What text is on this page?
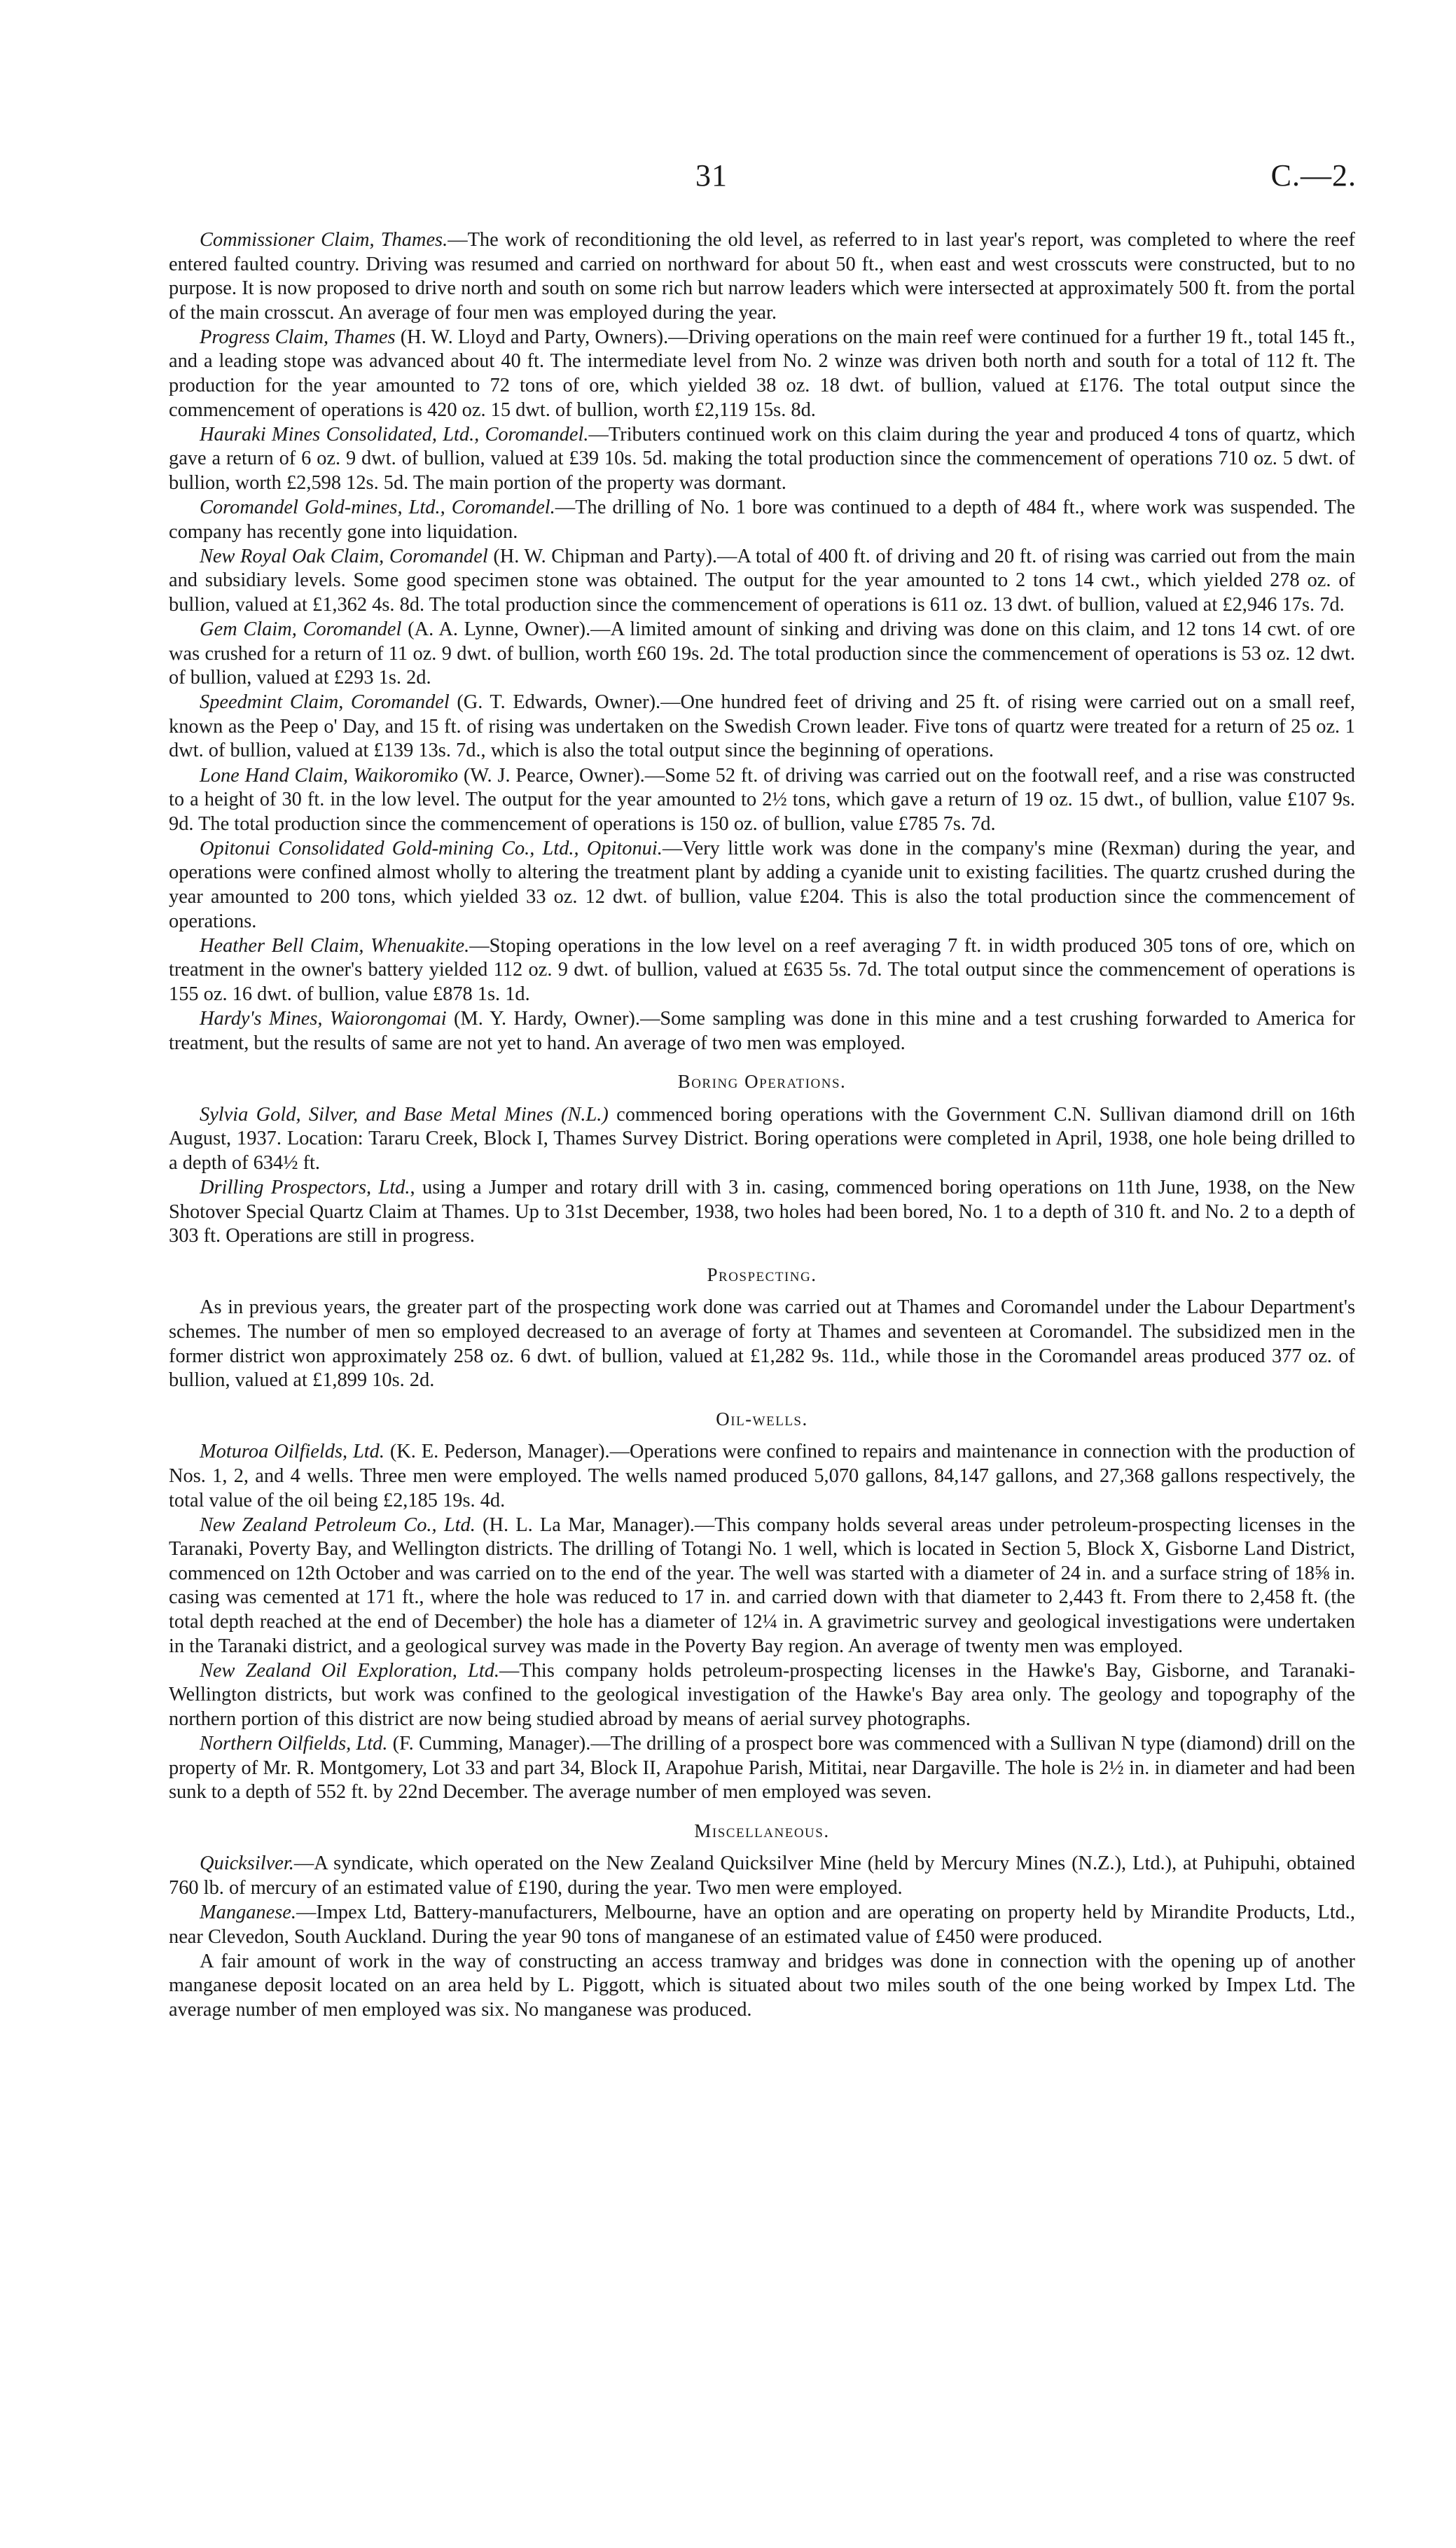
31	C.—2.

Commissioner Claim, Thames.—The work of reconditioning the old level, as referred to in last year's report, was completed to where the reef entered faulted country. Driving was resumed and carried on northward for about 50 ft., when east and west crosscuts were constructed, but to no purpose. It is now proposed to drive north and south on some rich but narrow leaders which were intersected at approximately 500 ft. from the portal of the main crosscut. An average of four men was employed during the year.

Progress Claim, Thames (H. W. Lloyd and Party, Owners).—Driving operations on the main reef were continued for a further 19 ft., total 145 ft., and a leading stope was advanced about 40 ft. The intermediate level from No. 2 winze was driven both north and south for a total of 112 ft. The production for the year amounted to 72 tons of ore, which yielded 38 oz. 18 dwt. of bullion, valued at £176. The total output since the commencement of operations is 420 oz. 15 dwt. of bullion, worth £2,119 15s. 8d.

Hauraki Mines Consolidated, Ltd., Coromandel.—Tributers continued work on this claim during the year and produced 4 tons of quartz, which gave a return of 6 oz. 9 dwt. of bullion, valued at £39 10s. 5d. making the total production since the commencement of operations 710 oz. 5 dwt. of bullion, worth £2,598 12s. 5d. The main portion of the property was dormant.

Coromandel Gold-mines, Ltd., Coromandel.—The drilling of No. 1 bore was continued to a depth of 484 ft., where work was suspended. The company has recently gone into liquidation.

New Royal Oak Claim, Coromandel (H. W. Chipman and Party).—A total of 400 ft. of driving and 20 ft. of rising was carried out from the main and subsidiary levels. Some good specimen stone was obtained. The output for the year amounted to 2 tons 14 cwt., which yielded 278 oz. of bullion, valued at £1,362 4s. 8d. The total production since the commencement of operations is 611 oz. 13 dwt. of bullion, valued at £2,946 17s. 7d.

Gem Claim, Coromandel (A. A. Lynne, Owner).—A limited amount of sinking and driving was done on this claim, and 12 tons 14 cwt. of ore was crushed for a return of 11 oz. 9 dwt. of bullion, worth £60 19s. 2d. The total production since the commencement of operations is 53 oz. 12 dwt. of bullion, valued at £293 1s. 2d.

Speedmint Claim, Coromandel (G. T. Edwards, Owner).—One hundred feet of driving and 25 ft. of rising were carried out on a small reef, known as the Peep o' Day, and 15 ft. of rising was undertaken on the Swedish Crown leader. Five tons of quartz were treated for a return of 25 oz. 1 dwt. of bullion, valued at £139 13s. 7d., which is also the total output since the beginning of operations.

Lone Hand Claim, Waikoromiko (W. J. Pearce, Owner).—Some 52 ft. of driving was carried out on the footwall reef, and a rise was constructed to a height of 30 ft. in the low level. The output for the year amounted to 2½ tons, which gave a return of 19 oz. 15 dwt., of bullion, value £107 9s. 9d. The total production since the commencement of operations is 150 oz. of bullion, value £785 7s. 7d.

Opitonui Consolidated Gold-mining Co., Ltd., Opitonui.—Very little work was done in the company's mine (Rexman) during the year, and operations were confined almost wholly to altering the treatment plant by adding a cyanide unit to existing facilities. The quartz crushed during the year amounted to 200 tons, which yielded 33 oz. 12 dwt. of bullion, value £204. This is also the total production since the commencement of operations.

Heather Bell Claim, Whenuakite.—Stoping operations in the low level on a reef averaging 7 ft. in width produced 305 tons of ore, which on treatment in the owner's battery yielded 112 oz. 9 dwt. of bullion, valued at £635 5s. 7d. The total output since the commencement of operations is 155 oz. 16 dwt. of bullion, value £878 1s. 1d.

Hardy's Mines, Waiorongomai (M. Y. Hardy, Owner).—Some sampling was done in this mine and a test crushing forwarded to America for treatment, but the results of same are not yet to hand. An average of two men was employed.

Boring Operations.

Sylvia Gold, Silver, and Base Metal Mines (N.L.) commenced boring operations with the Government C.N. Sullivan diamond drill on 16th August, 1937. Location: Tararu Creek, Block I, Thames Survey District. Boring operations were completed in April, 1938, one hole being drilled to a depth of 634½ ft.

Drilling Prospectors, Ltd., using a Jumper and rotary drill with 3 in. casing, commenced boring operations on 11th June, 1938, on the New Shotover Special Quartz Claim at Thames. Up to 31st December, 1938, two holes had been bored, No. 1 to a depth of 310 ft. and No. 2 to a depth of 303 ft. Operations are still in progress.

Prospecting.

As in previous years, the greater part of the prospecting work done was carried out at Thames and Coromandel under the Labour Department's schemes. The number of men so employed decreased to an average of forty at Thames and seventeen at Coromandel. The subsidized men in the former district won approximately 258 oz. 6 dwt. of bullion, valued at £1,282 9s. 11d., while those in the Coromandel areas produced 377 oz. of bullion, valued at £1,899 10s. 2d.

Oil-wells.

Moturoa Oilfields, Ltd. (K. E. Pederson, Manager).—Operations were confined to repairs and maintenance in connection with the production of Nos. 1, 2, and 4 wells. Three men were employed. The wells named produced 5,070 gallons, 84,147 gallons, and 27,368 gallons respectively, the total value of the oil being £2,185 19s. 4d.

New Zealand Petroleum Co., Ltd. (H. L. La Mar, Manager).—This company holds several areas under petroleum-prospecting licenses in the Taranaki, Poverty Bay, and Wellington districts. The drilling of Totangi No. 1 well, which is located in Section 5, Block X, Gisborne Land District, commenced on 12th October and was carried on to the end of the year. The well was started with a diameter of 24 in. and a surface string of 18⅝ in. casing was cemented at 171 ft., where the hole was reduced to 17 in. and carried down with that diameter to 2,443 ft. From there to 2,458 ft. (the total depth reached at the end of December) the hole has a diameter of 12¼ in. A gravimetric survey and geological investigations were undertaken in the Taranaki district, and a geological survey was made in the Poverty Bay region. An average of twenty men was employed.

New Zealand Oil Exploration, Ltd.—This company holds petroleum-prospecting licenses in the Hawke's Bay, Gisborne, and Taranaki-Wellington districts, but work was confined to the geological investigation of the Hawke's Bay area only. The geology and topography of the northern portion of this district are now being studied abroad by means of aerial survey photographs.

Northern Oilfields, Ltd. (F. Cumming, Manager).—The drilling of a prospect bore was commenced with a Sullivan N type (diamond) drill on the property of Mr. R. Montgomery, Lot 33 and part 34, Block II, Arapohue Parish, Mititai, near Dargaville. The hole is 2½ in. in diameter and had been sunk to a depth of 552 ft. by 22nd December. The average number of men employed was seven.

Miscellaneous.

Quicksilver.—A syndicate, which operated on the New Zealand Quicksilver Mine (held by Mercury Mines (N.Z.), Ltd.), at Puhipuhi, obtained 760 lb. of mercury of an estimated value of £190, during the year. Two men were employed.

Manganese.—Impex Ltd, Battery-manufacturers, Melbourne, have an option and are operating on property held by Mirandite Products, Ltd., near Clevedon, South Auckland. During the year 90 tons of manganese of an estimated value of £450 were produced.

A fair amount of work in the way of constructing an access tramway and bridges was done in connection with the opening up of another manganese deposit located on an area held by L. Piggott, which is situated about two miles south of the one being worked by Impex Ltd. The average number of men employed was six. No manganese was produced.
